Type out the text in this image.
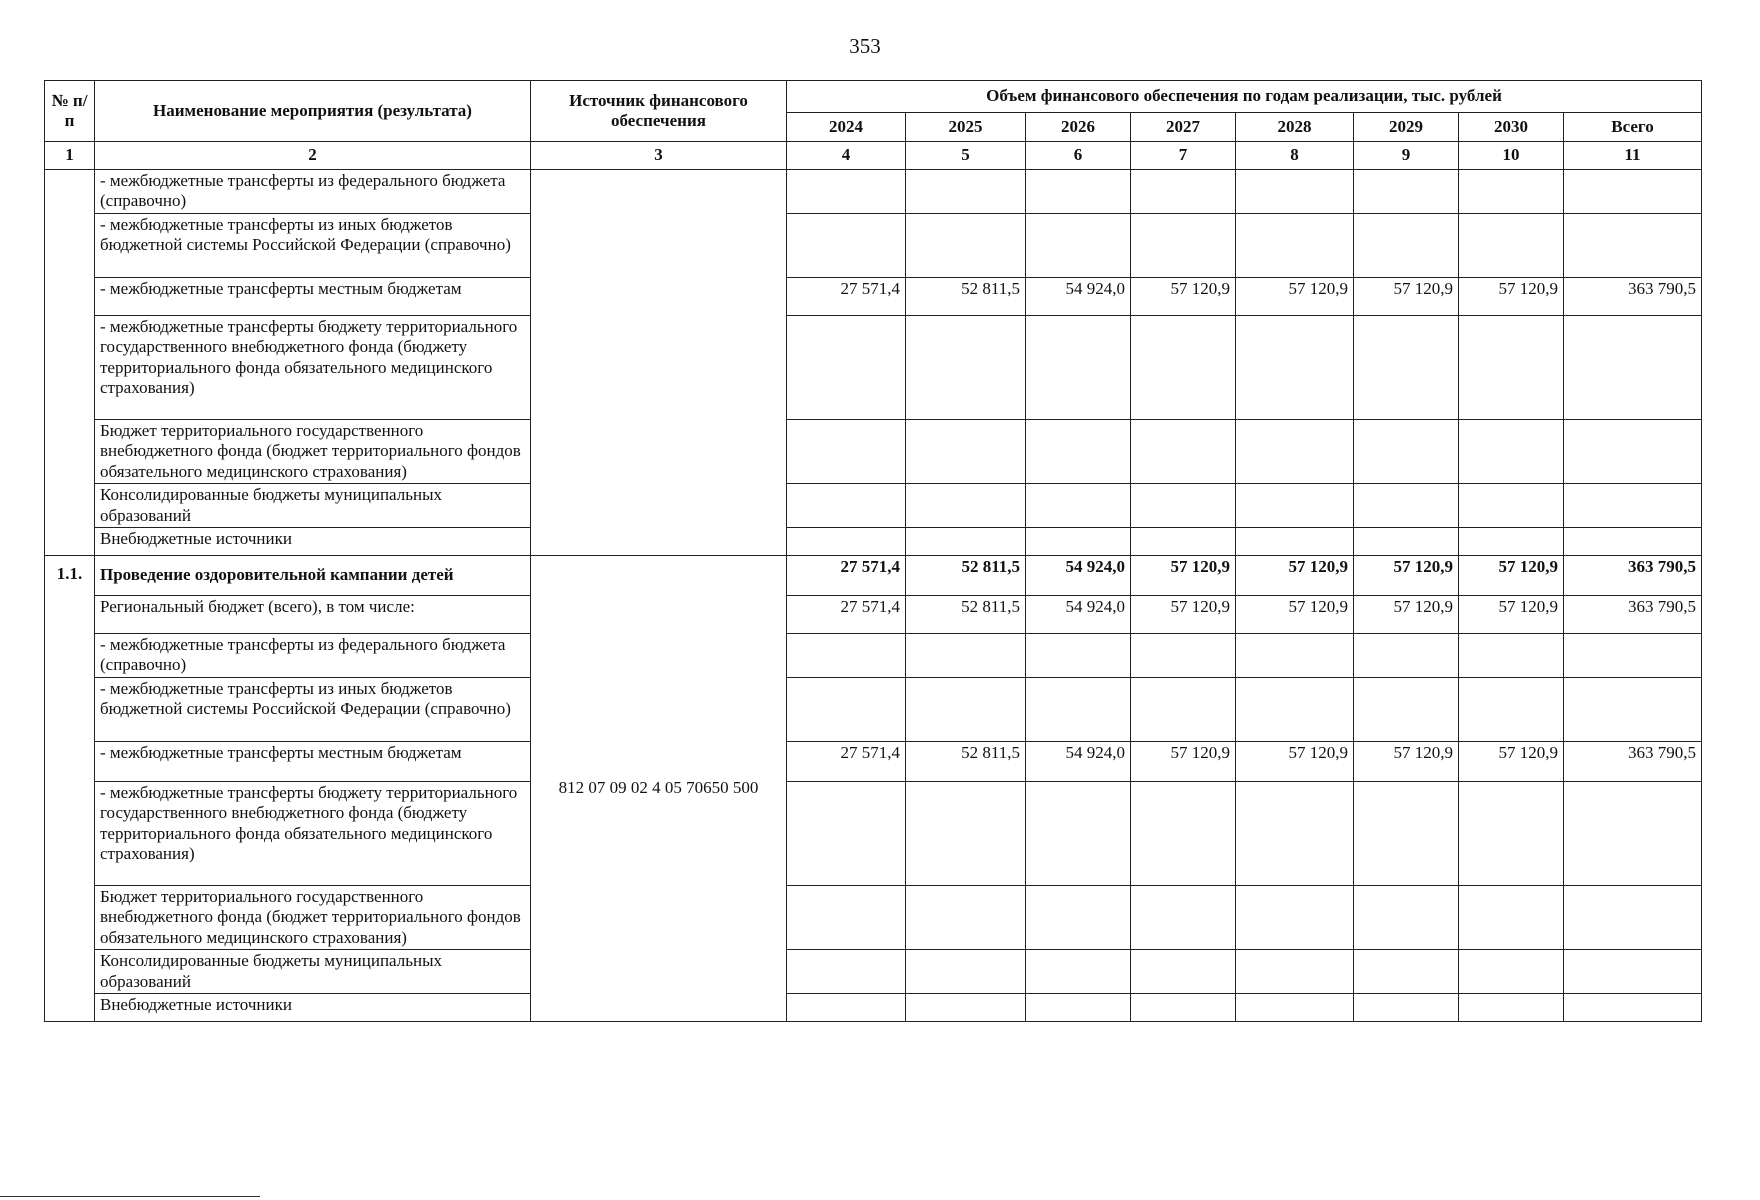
353
№ п/п	Наименование мероприятия (результата)	Источник финансового обеспечения	Объем финансового обеспечения по годам реализации, тыс. рублей							
			2024	2025	2026	2027	2028	2029	2030	Всего
1	2	3	4	5	6	7	8	9	10	11
	- межбюджетные трансферты из федерального бюджета (справочно)									
	- межбюджетные трансферты из иных бюджетов бюджетной системы Российской Федерации (справочно)									
	- межбюджетные трансферты местным бюджетам		27 571,4	52 811,5	54 924,0	57 120,9	57 120,9	57 120,9	57 120,9	363 790,5
	- межбюджетные трансферты бюджету территориального государственного внебюджетного фонда (бюджету территориального фонда обязательного медицинского страхования)									
	Бюджет территориального государственного внебюджетного фонда (бюджет территориального фондов обязательного медицинского страхования)									
	Консолидированные бюджеты муниципальных образований									
	Внебюджетные источники									
1.1.	Проведение оздоровительной кампании детей	812 07 09 02 4 05 70650 500	27 571,4	52 811,5	54 924,0	57 120,9	57 120,9	57 120,9	57 120,9	363 790,5
	Региональный бюджет (всего), в том числе:		27 571,4	52 811,5	54 924,0	57 120,9	57 120,9	57 120,9	57 120,9	363 790,5
	- межбюджетные трансферты из федерального бюджета (справочно)									
	- межбюджетные трансферты из иных бюджетов бюджетной системы Российской Федерации (справочно)									
	- межбюджетные трансферты местным бюджетам		27 571,4	52 811,5	54 924,0	57 120,9	57 120,9	57 120,9	57 120,9	363 790,5
	- межбюджетные трансферты бюджету территориального государственного внебюджетного фонда (бюджету территориального фонда обязательного медицинского страхования)									
	Бюджет территориального государственного внебюджетного фонда (бюджет территориального фондов обязательного медицинского страхования)									
	Консолидированные бюджеты муниципальных образований									
	Внебюджетные источники									
